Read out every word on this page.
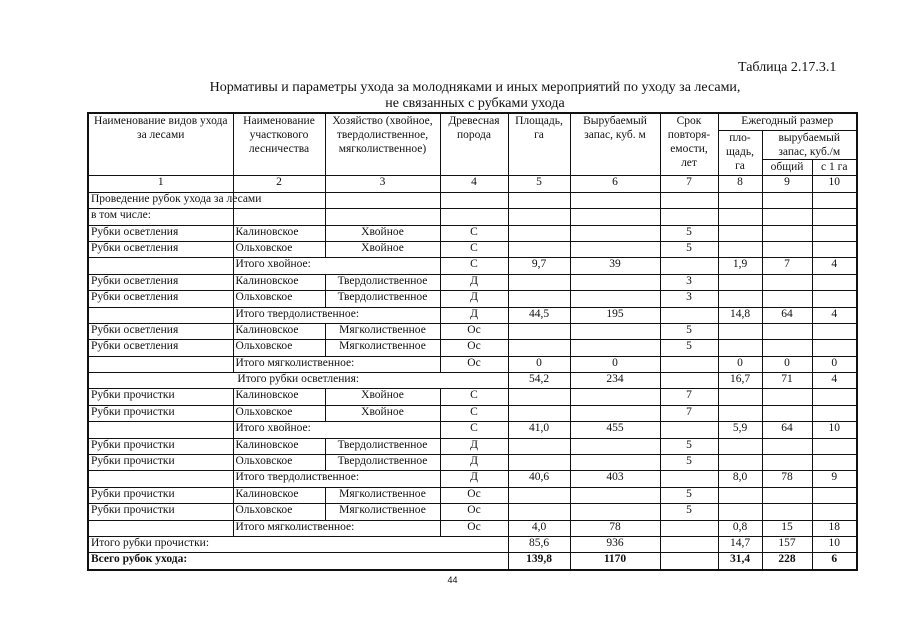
Таблица 2.17.3.1
Нормативы и параметры ухода за молодняками и иных мероприятий по уходу за лесами,
не связанных с рубками ухода
Наименование видов ухода за лесами	Наименование участкового лесничества	Хозяйство (хвойное, твердолиственное, мягколиственное)	Древесная порода	Площадь, га	Вырубаемый запас, куб. м	Срок повторя-емости, лет	Ежегодный размер		
							пло-щадь, га	вырубаемый запас, куб./м	
								общий	с 1 га
1	2	3	4	5	6	7	8	9	10
Проведение рубок ухода за лесами									
в том числе:									
Рубки осветления	Калиновское	Хвойное	С			5			
Рубки осветления	Ольховское	Хвойное	С			5			
	Итого хвойное:		С	9,7	39		1,9	7	4
Рубки осветления	Калиновское	Твердолиственное	Д			3			
Рубки осветления	Ольховское	Твердолиственное	Д			3			
	Итого твердолиственное:		Д	44,5	195		14,8	64	4
Рубки осветления	Калиновское	Мягколиственное	Ос			5			
Рубки осветления	Ольховское	Мягколиственное	Ос			5			
	Итого мягколиственное:		Ос	0	0		0	0	0
Итого рубки осветления:				54,2	234		16,7	71	4
Рубки прочистки	Калиновское	Хвойное	С			7			
Рубки прочистки	Ольховское	Хвойное	С			7			
	Итого хвойное:		С	41,0	455		5,9	64	10
Рубки прочистки	Калиновское	Твердолиственное	Д			5			
Рубки прочистки	Ольховское	Твердолиственное	Д			5			
	Итого твердолиственное:		Д	40,6	403		8,0	78	9
Рубки прочистки	Калиновское	Мягколиственное	Ос			5			
Рубки прочистки	Ольховское	Мягколиственное	Ос			5			
	Итого мягколиственное:		Ос	4,0	78		0,8	15	18
Итого рубки прочистки:				85,6	936		14,7	157	10
Всего рубок ухода:				139,8	1170		31,4	228	6
44
